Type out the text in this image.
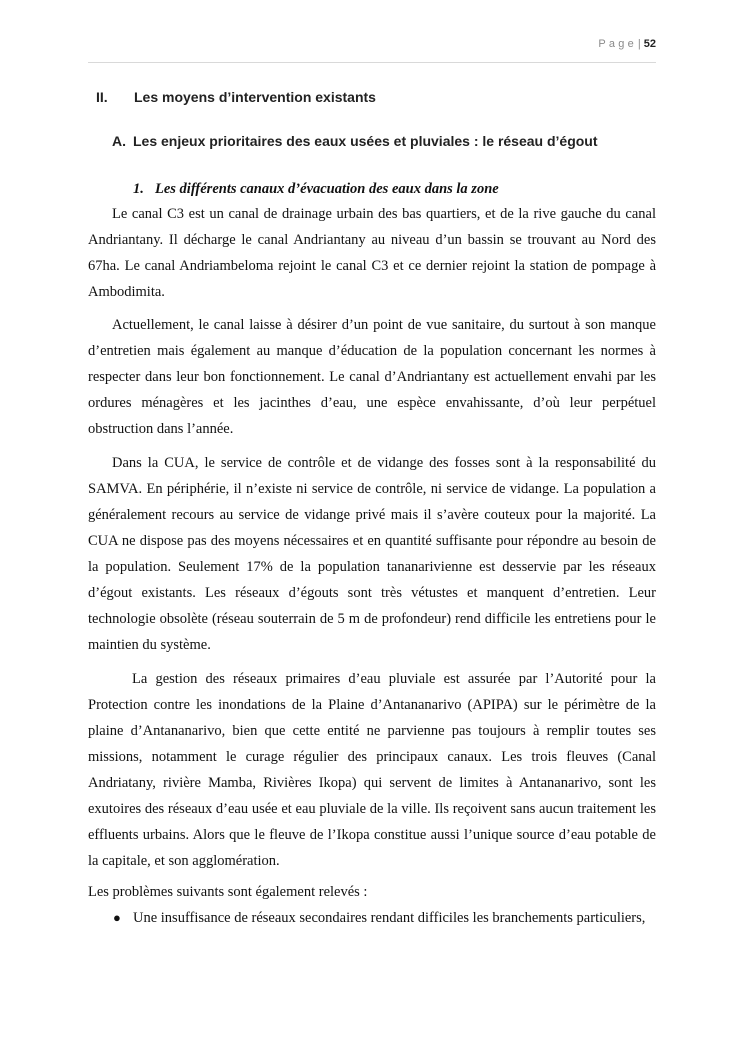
Page| 52
II. Les moyens d’intervention existants
A. Les enjeux prioritaires des eaux usées et pluviales : le réseau d’égout
1. Les différents canaux d’évacuation des eaux dans la zone

Le canal C3 est un canal de drainage urbain des bas quartiers, et de la rive gauche du canal Andriantany. Il décharge le canal Andriantany au niveau d’un bassin se trouvant au Nord des 67ha. Le canal Andriambeloma rejoint le canal C3 et ce dernier rejoint la station de pompage à Ambodimita.

Actuellement, le canal laisse à désirer d’un point de vue sanitaire, du surtout à son manque d’entretien mais également au manque d’éducation de la population concernant les normes à respecter dans leur bon fonctionnement. Le canal d’Andriantany est actuellement envahi par les ordures ménagères et les jacinthes d’eau, une espèce envahissante, d’où leur perpétuel obstruction dans l’année.

Dans la CUA, le service de contrôle et de vidange des fosses sont à la responsabilité du SAMVA. En périphérie, il n’existe ni service de contrôle, ni service de vidange. La population a généralement recours au service de vidange privé mais il s’avère couteux pour la majorité. La CUA ne dispose pas des moyens nécessaires et en quantité suffisante pour répondre au besoin de la population. Seulement 17% de la population tananarivienne est desservie par les réseaux d’égout existants. Les réseaux d’égouts sont très vétustes et manquent d’entretien. Leur technologie obsolète (réseau souterrain de 5 m de profondeur) rend difficile les entretiens pour le maintien du système.

La gestion des réseaux primaires d’eau pluviale est assurée par l’Autorité pour la Protection contre les inondations de la Plaine d’Antananarivo (APIPA) sur le périmètre de la plaine d’Antananarivo, bien que cette entité ne parvienne pas toujours à remplir toutes ses missions, notamment le curage régulier des principaux canaux. Les trois fleuves (Canal Andriatany, rivière Mamba, Rivières Ikopa) qui servent de limites à Antananarivo, sont les exutoires des réseaux d’eau usée et eau pluviale de la ville. Ils reçoivent sans aucun traitement les effluents urbains. Alors que le fleuve de l’Ikopa constitue aussi l’unique source d’eau potable de la capitale, et son agglomération.

Les problèmes suivants sont également relevés :

● Une insuffisance de réseaux secondaires rendant difficiles les branchements particuliers,
